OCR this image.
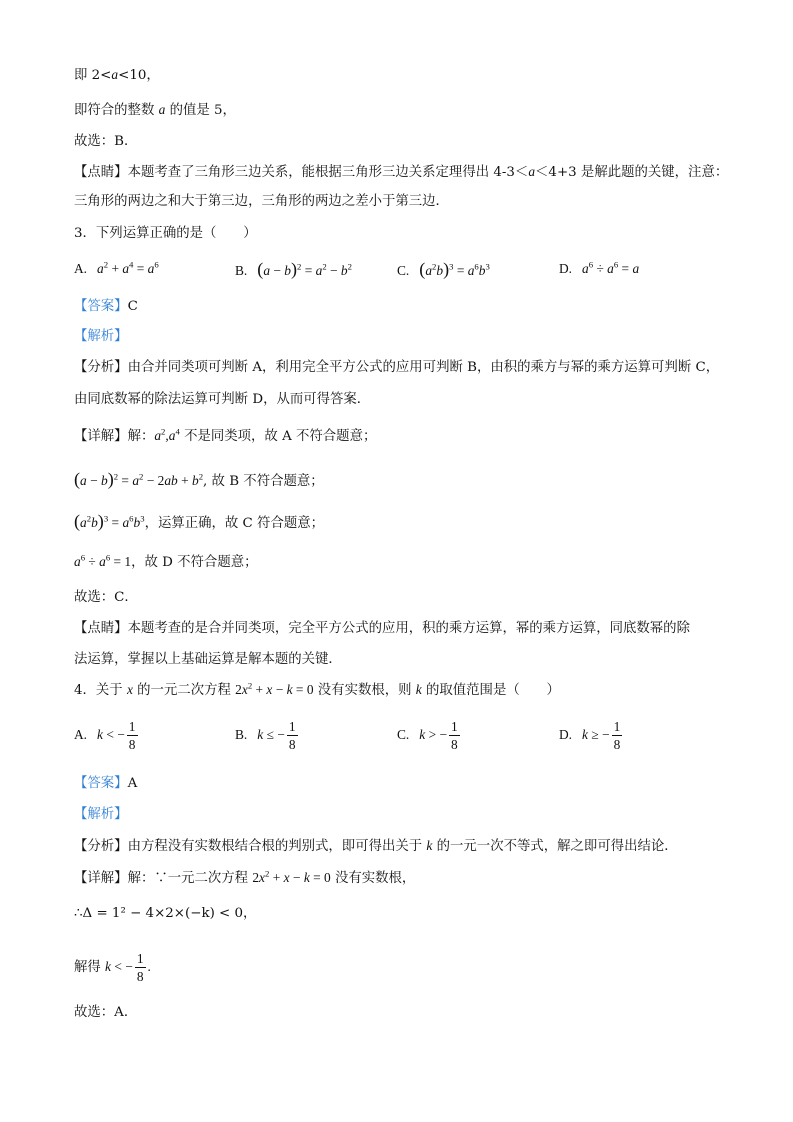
即 2<a<10，
即符合的整数 a 的值是 5，
故选：B．
【点睛】本题考查了三角形三边关系，能根据三角形三边关系定理得出 4-3＜a＜4+3 是解此题的关键，注意：
三角形的两边之和大于第三边，三角形的两边之差小于第三边．
3．下列运算正确的是（　　）
A. $a^2 + a^4 = a^6$	B. $(a - b)^2 = a^2 - b^2$	C. $(a^2b)^3 = a^6b^3$	D. $a^6 \div a^6 = a$
【答案】C
【解析】
【分析】由合并同类项可判断 A，利用完全平方公式的应用可判断 B，由积的乘方与幂的乘方运算可判断 C，
由同底数幂的除法运算可判断 D，从而可得答案．
【详解】解：$a^2,a^4$ 不是同类项，故 A 不符合题意；
$(a - b)^2 = a^2 - 2ab + b^2$, 故 B 不符合题意；
$(a^2b)^3 = a^6b^3$，运算正确，故 C 符合题意；
$a^6 \div a^6 = 1$，故 D 不符合题意；
故选：C．
【点睛】本题考查的是合并同类项，完全平方公式的应用，积的乘方运算，幂的乘方运算，同底数幂的除
法运算，掌握以上基础运算是解本题的关键．
4．关于 x 的一元二次方程 $2x^2 + x - k = 0$ 没有实数根，则 k 的取值范围是（　　）
A. k < − $\frac{1}{8}$	B. k ≤ − $\frac{1}{8}$	C. k > − $\frac{1}{8}$	D. k ≥ − $\frac{1}{8}$
【答案】A
【解析】
【分析】由方程没有实数根结合根的判别式，即可得出关于 k 的一元一次不等式，解之即可得出结论．
【详解】解：∵一元二次方程 $2x^2 + x - k = 0$ 没有实数根，
∴Δ = 1² − 4×2×(−k) < 0，
解得 k < − $\frac{1}{8}$ .
故选：A．
